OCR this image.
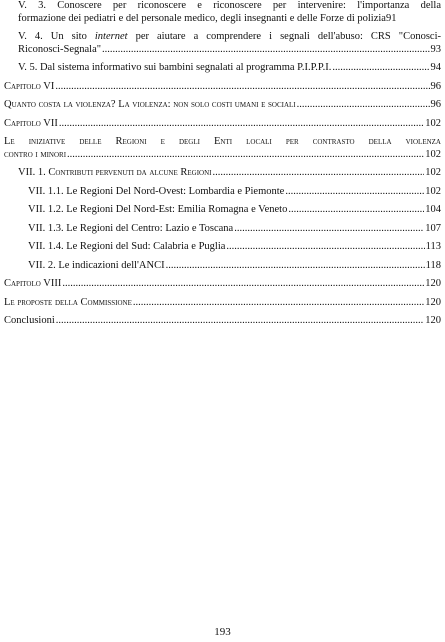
V. 3. Conoscere per riconoscere e riconoscere per intervenire: l'importanza della
formazione dei pediatri e del personale medico, degli insegnanti e delle Forze di polizia 91
V. 4. Un sito internet per aiutare a comprendere i segnali dell'abuso: CRS "Conosci-
Riconosci-Segnala" .....	93
V. 5. Dal sistema informativo sui bambini segnalati al programma P.I.P.P.I. .....	94
Capitolo VI .....	96
Quanto costa la violenza? La violenza: non solo costi umani e sociali .....	96
Capitolo VII .....	102
Le iniziative delle Regioni e degli Enti locali per contrasto della violenza
contro i minori .....	102
VII. 1. Contributi pervenuti da alcune Regioni .....	102
VII. 1.1. Le Regioni Del Nord-Ovest: Lombardia e Piemonte .....	102
VII. 1.2. Le Regioni Del Nord-Est: Emilia Romagna e Veneto .....	104
VII. 1.3. Le Regioni del Centro: Lazio e Toscana .....	107
VII. 1.4. Le Regioni del Sud: Calabria e Puglia .....	113
VII. 2. Le indicazioni dell'ANCI .....	118
Capitolo VIII .....	120
Le proposte della Commissione .....	120
Conclusioni .....	120
193
